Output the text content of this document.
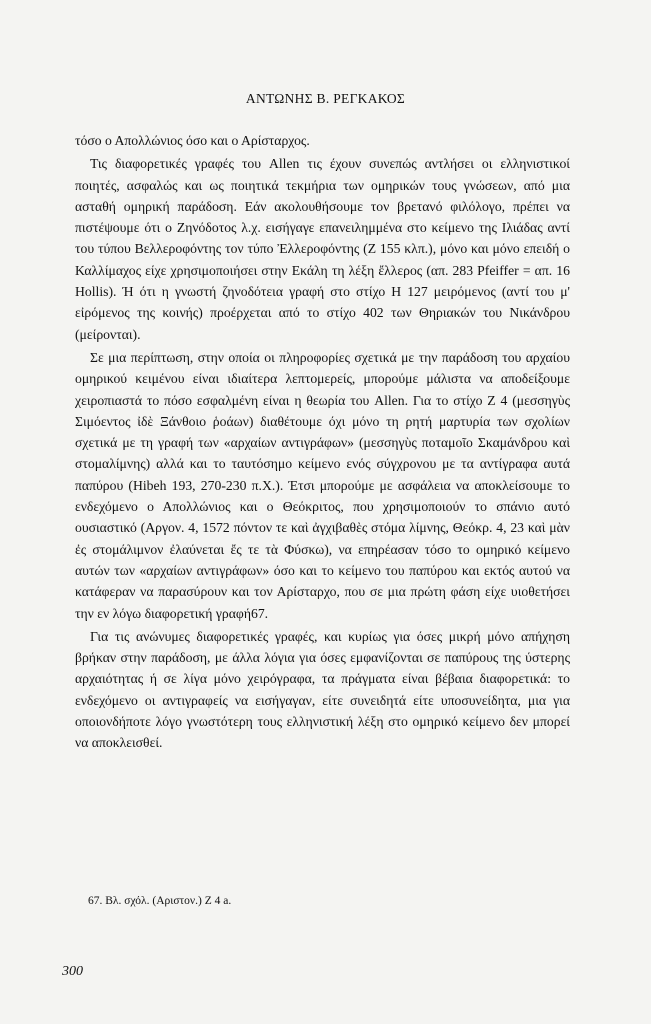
ΑΝΤΩΝΗΣ Β. ΡΕΓΚΑΚΟΣ

τόσο ο Απολλώνιος όσο και ο Αρίσταρχος.

Τις διαφορετικές γραφές του Allen τις έχουν συνεπώς αντλήσει οι ελληνιστικοί ποιητές, ασφαλώς και ως ποιητικά τεκμήρια των ομηρικών τους γνώσεων, από μια ασταθή ομηρική παράδοση. Εάν ακολουθήσουμε τον βρετανό φιλόλογο, πρέπει να πιστέψουμε ότι ο Ζηνόδοτος λ.χ. εισήγαγε επανειλημμένα στο κείμενο της Ιλιάδας αντί του τύπου Βελλεροφόντης τον τύπο Ἐλλεροφόντης (Ζ 155 κλπ.), μόνο και μόνο επειδή ο Καλλίμαχος είχε χρησιμοποιήσει στην Εκάλη τη λέξη ἔλλερος (απ. 283 Pfeiffer = απ. 16 Hollis). Ή ότι η γνωστή ζηνοδότεια γραφή στο στίχο Η 127 μειρόμενος (αντί του μ' εἰρόμενος της κοινής) προέρχεται από το στίχο 402 των Θηριακών του Νικάνδρου (μείρονται).

Σε μια περίπτωση, στην οποία οι πληροφορίες σχετικά με την παράδοση του αρχαίου ομηρικού κειμένου είναι ιδιαίτερα λεπτομερείς, μπορούμε μάλιστα να αποδείξουμε χειροπιαστά το πόσο εσφαλμένη είναι η θεωρία του Allen. Για το στίχο Ζ 4 (μεσσηγὺς Σιμόεντος ἰδὲ Ξάνθοιο ῥοάων) διαθέτουμε όχι μόνο τη ρητή μαρτυρία των σχολίων σχετικά με τη γραφή των «αρχαίων αντιγράφων» (μεσσηγὺς ποταμοῖο Σκαμάνδρου καὶ στομαλίμνης) αλλά και το ταυτόσημο κείμενο ενός σύγχρονου με τα αντίγραφα αυτά παπύρου (Hibeh 193, 270-230 π.Χ.). Έτσι μπορούμε με ασφάλεια να αποκλείσουμε το ενδεχόμενο ο Απολλώνιος και ο Θεόκριτος, που χρησιμοποιούν το σπάνιο αυτό ουσιαστικό (Αργον. 4, 1572 πόντον τε καὶ ἀγχιβαθὲς στόμα λίμνης, Θεόκρ. 4, 23 καὶ μὰν ἐς στομάλιμνον ἐλαύνεται ἔς τε τὰ Φύσκω), να επηρέασαν τόσο το ομηρικό κείμενο αυτών των «αρχαίων αντιγράφων» όσο και το κείμενο του παπύρου και εκτός αυτού να κατάφεραν να παρασύρουν και τον Αρίσταρχο, που σε μια πρώτη φάση είχε υιοθετήσει την εν λόγω διαφορετική γραφή67.

Για τις ανώνυμες διαφορετικές γραφές, και κυρίως για όσες μικρή μόνο απήχηση βρήκαν στην παράδοση, με άλλα λόγια για όσες εμφανίζονται σε παπύρους της ύστερης αρχαιότητας ή σε λίγα μόνο χειρόγραφα, τα πράγματα είναι βέβαια διαφορετικά: το ενδεχόμενο οι αντιγραφείς να εισήγαγαν, είτε συνειδητά είτε υποσυνείδητα, μια για οποιονδήποτε λόγο γνωστότερη τους ελληνιστική λέξη στο ομηρικό κείμενο δεν μπορεί να αποκλεισθεί.

67. Βλ. σχόλ. (Αριστον.) Ζ 4 a.
300
